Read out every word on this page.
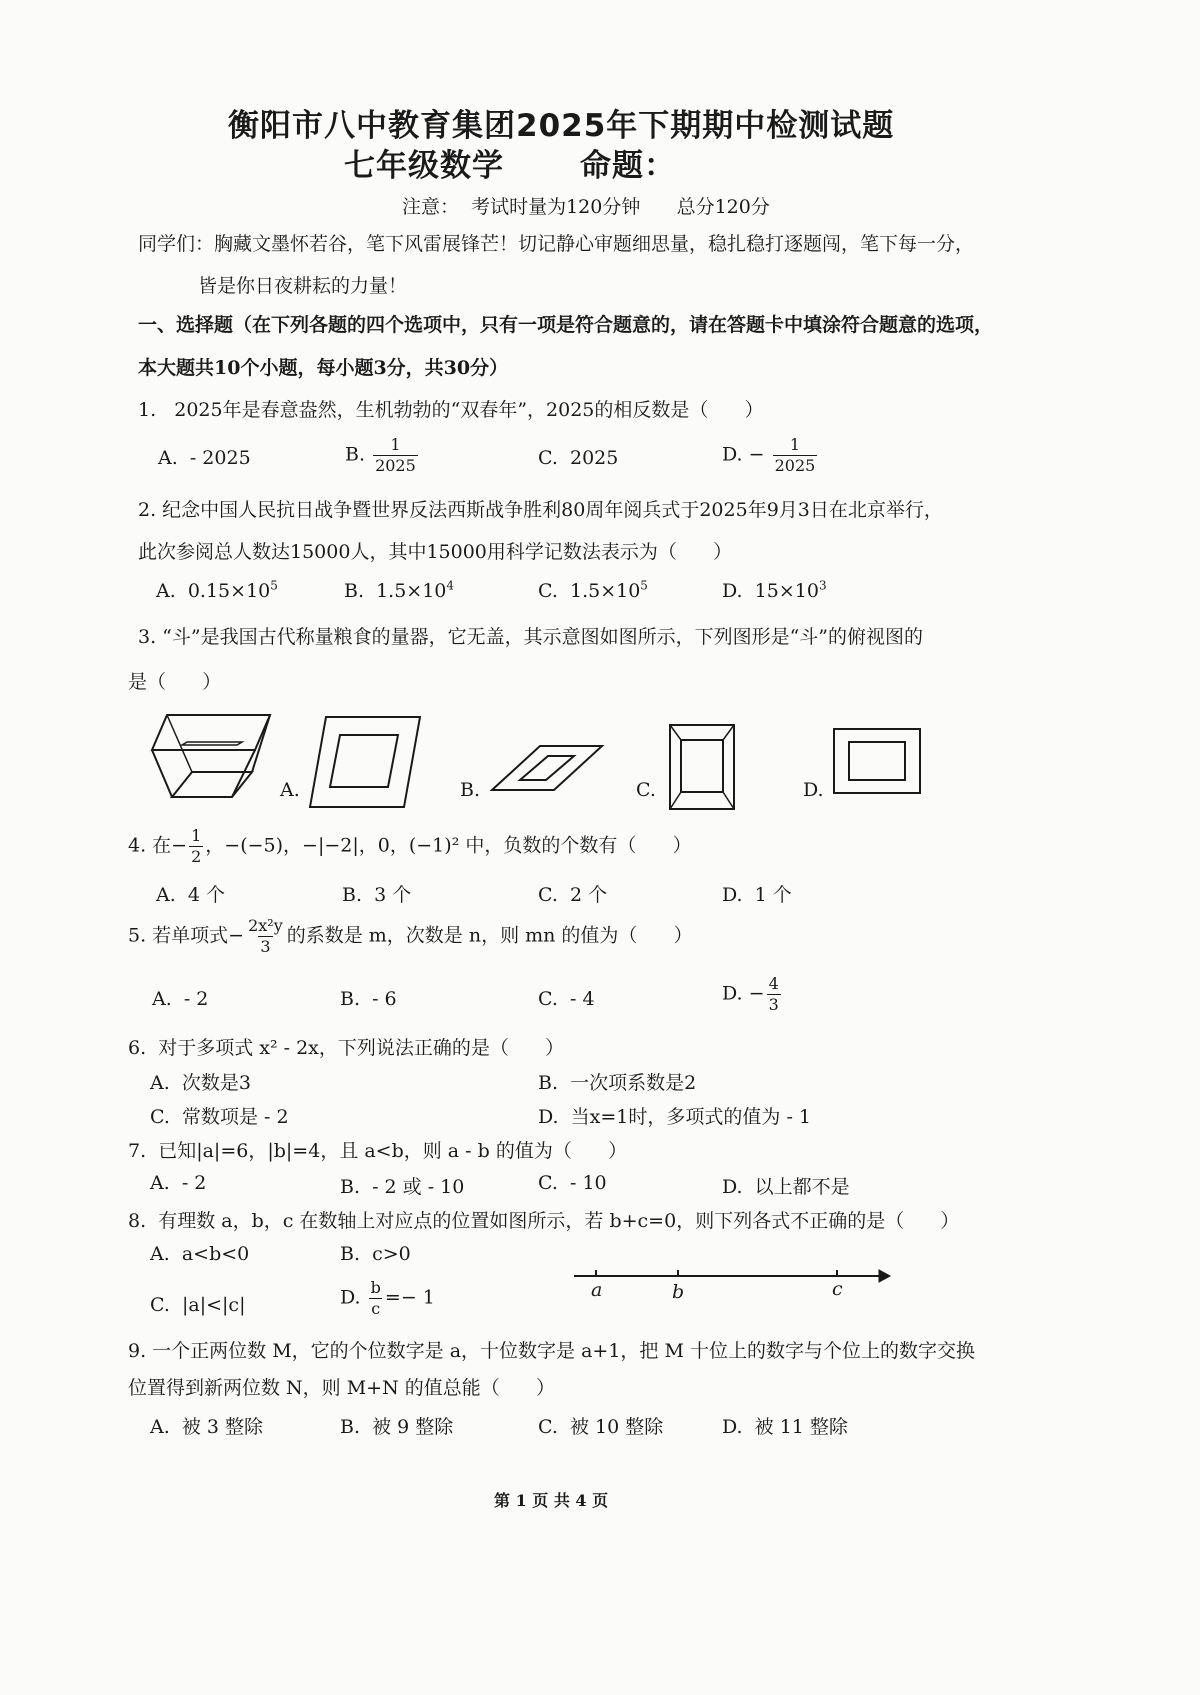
衡阳市八中教育集团2025年下期期中检测试题
七年级数学 命题：
注意：  考试时量为120分钟      总分120分
同学们：胸藏文墨怀若谷，笔下风雷展锋芒！切记静心审题细思量，稳扎稳打逐题闯，笔下每一分，
皆是你日夜耕耘的力量！
一、选择题（在下列各题的四个选项中，只有一项是符合题意的，请在答题卡中填涂符合题意的选项，
本大题共10个小题，每小题3分，共30分）
1.   2025年是春意盎然，生机勃勃的“双春年”，2025的相反数是（      ）
A.  - 2025	B. $\frac{1}{2025}$	C.  2025	D. − $\frac{1}{2025}$
2. 纪念中国人民抗日战争暨世界反法西斯战争胜利80周年阅兵式于2025年9月3日在北京举行，
此次参阅总人数达15000人，其中15000用科学记数法表示为（      ）
A.  $0.15\times 10^5$	B.  $1.5\times 10^4$	C.  $1.5\times 10^5$	D.  $15\times 10^3$
3. “斗”是我国古代称量粮食的量器，它无盖，其示意图如图所示，下列图形是“斗”的俯视图的
是（      ）
A.	B.	C.	D.
4. 在− $\frac{1}{2}$ ，−(−5)，−|−2|，0，(−1)² 中，负数的个数有（      ）
A.  4 个	B.  3 个	C.  2 个	D.  1 个
5. 若单项式− $\frac{\text{2x²y}}{3}$ 的系数是 m，次数是 n，则 mn 的值为（      ）
A.  - 2	B.  - 6	C.  - 4	D. − $\frac{4}{3}$
6.  对于多项式 x² - 2x，下列说法正确的是（      ）
A.  次数是3	B.  一次项系数是2
C.  常数项是 - 2	D.  当x=1时，多项式的值为 - 1
7.  已知|a|=6，|b|=4，且 a<b，则 a - b 的值为（      ）
A.  - 2	B.  - 2 或 - 10	C.  - 10	D.  以上都不是
8.  有理数 a，b，c 在数轴上对应点的位置如图所示，若 b+c=0，则下列各式不正确的是（      ）
A.  a<b<0	B.  c>0
C.  |a|<|c|	D. $\frac{b}{c} =- 1$	a	b	c
9. 一个正两位数 M，它的个位数字是 a，十位数字是 a+1，把 M 十位上的数字与个位上的数字交换
位置得到新两位数 N，则 M+N 的值总能（      ）
A.  被 3 整除	B.  被 9 整除	C.  被 10 整除	D.  被 11 整除
第 1 页 共 4 页
